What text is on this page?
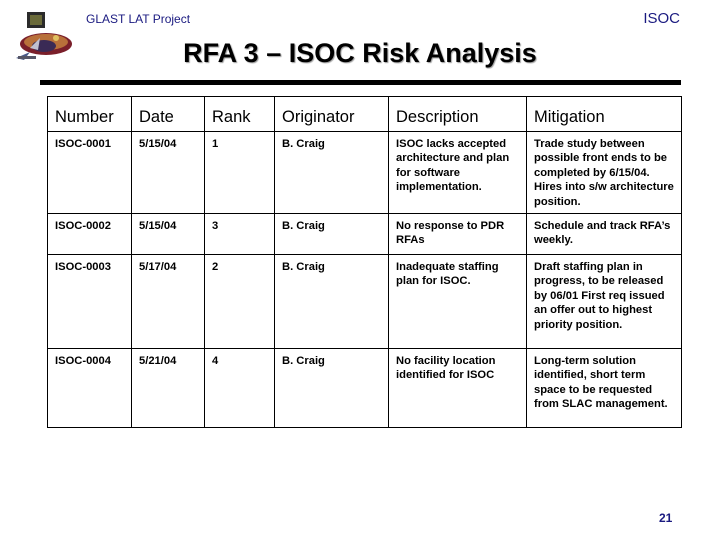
GLAST LAT Project	ISOC
RFA 3 – ISOC Risk Analysis
Number	Date	Rank	Originator	Description	Mitigation
ISOC-0001	5/15/04	1	B. Craig	ISOC lacks accepted architecture and plan for software implementation.	Trade study between possible front ends to be completed by 6/15/04. Hires into s/w architecture position.
ISOC-0002	5/15/04	3	B. Craig	No response to PDR RFAs	Schedule and track RFA’s weekly.
ISOC-0003	5/17/04	2	B. Craig	Inadequate staffing plan for ISOC.	Draft staffing plan in progress, to be released by 06/01 First req issued an offer out to highest priority position.
ISOC-0004	5/21/04	4	B. Craig	No facility location identified for ISOC	Long-term solution identified, short term space to be requested from SLAC management.
21
